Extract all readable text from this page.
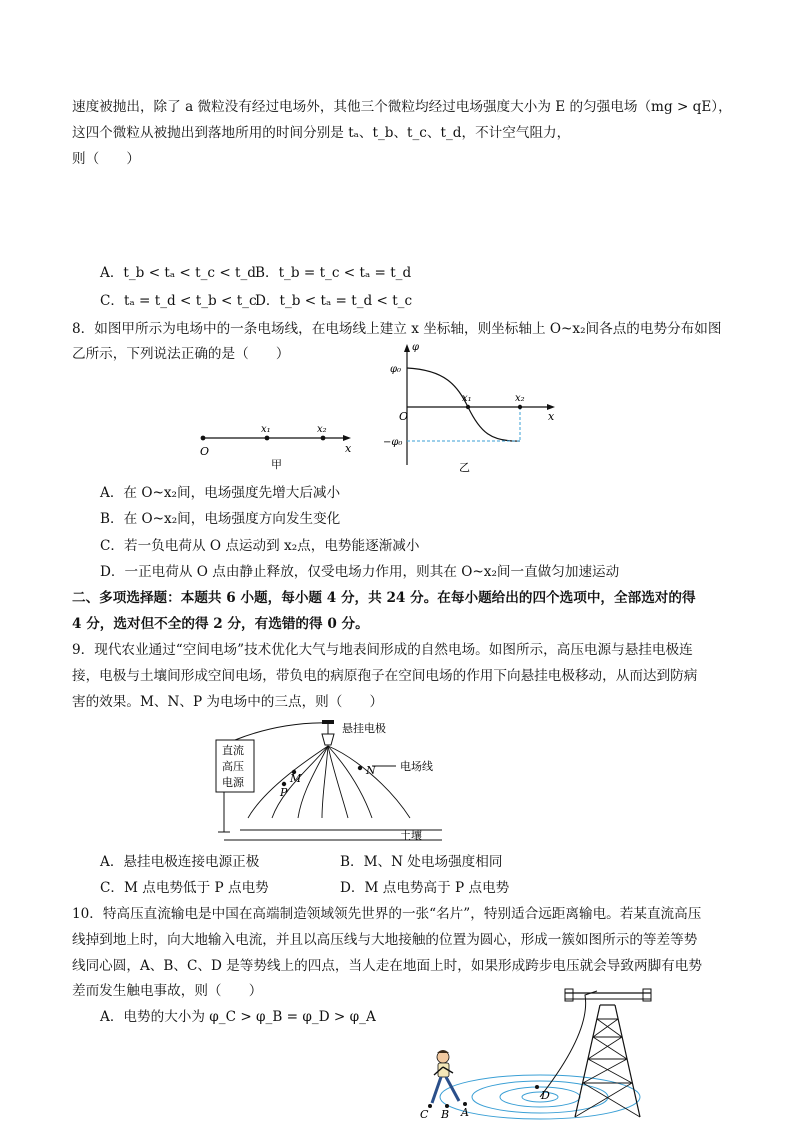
速度被抛出，除了 a 微粒没有经过电场外，其他三个微粒均经过电场强度大小为 E 的匀强电场（mg > qE），
这四个微粒从被抛出到落地所用的时间分别是 tₐ、t_b、t_c、t_d，不计空气阻力，
则（　　）
A．t_b < tₐ < t_c < t_d
B．t_b = t_c < tₐ = t_d
C．tₐ = t_d < t_b < t_c
D．t_b < tₐ = t_d < t_c
8．如图甲所示为电场中的一条电场线，在电场线上建立 x 坐标轴，则坐标轴上 O~x₂间各点的电势分布如图
乙所示，下列说法正确的是（　　）
O
x₁	x₂
x
甲
φ
φ₀
O
x₁	x₂
x
−φ₀
乙
A．在 O~x₂间，电场强度先增大后减小
B．在 O~x₂间，电场强度方向发生变化
C．若一负电荷从 O 点运动到 x₂点，电势能逐渐减小
D．一正电荷从 O 点由静止释放，仅受电场力作用，则其在 O~x₂间一直做匀加速运动
二、多项选择题：本题共 6 小题，每小题 4 分，共 24 分。在每小题给出的四个选项中，全部选对的得
4 分，选对但不全的得 2 分，有选错的得 0 分。
9．现代农业通过“空间电场”技术优化大气与地表间形成的自然电场。如图所示，高压电源与悬挂电极连
接，电极与土壤间形成空间电场，带负电的病原孢子在空间电场的作用下向悬挂电极移动，从而达到防病
害的效果。M、N、P 为电场中的三点，则（　　）
直流
高压
电源
悬挂电极
电场线
M
P
N
土壤
A．悬挂电极连接电源正极	B．M、N 处电场强度相同
C．M 点电势低于 P 点电势	D．M 点电势高于 P 点电势
10．特高压直流输电是中国在高端制造领域领先世界的一张“名片”，特别适合远距离输电。若某直流高压
线掉到地上时，向大地输入电流，并且以高压线与大地接触的位置为圆心，形成一簇如图所示的等差等势
线同心圆，A、B、C、D 是等势线上的四点，当人走在地面上时，如果形成跨步电压就会导致两脚有电势
差而发生触电事故，则（　　）
A．电势的大小为 φ_C > φ_B = φ_D > φ_A
A
B
C
D
